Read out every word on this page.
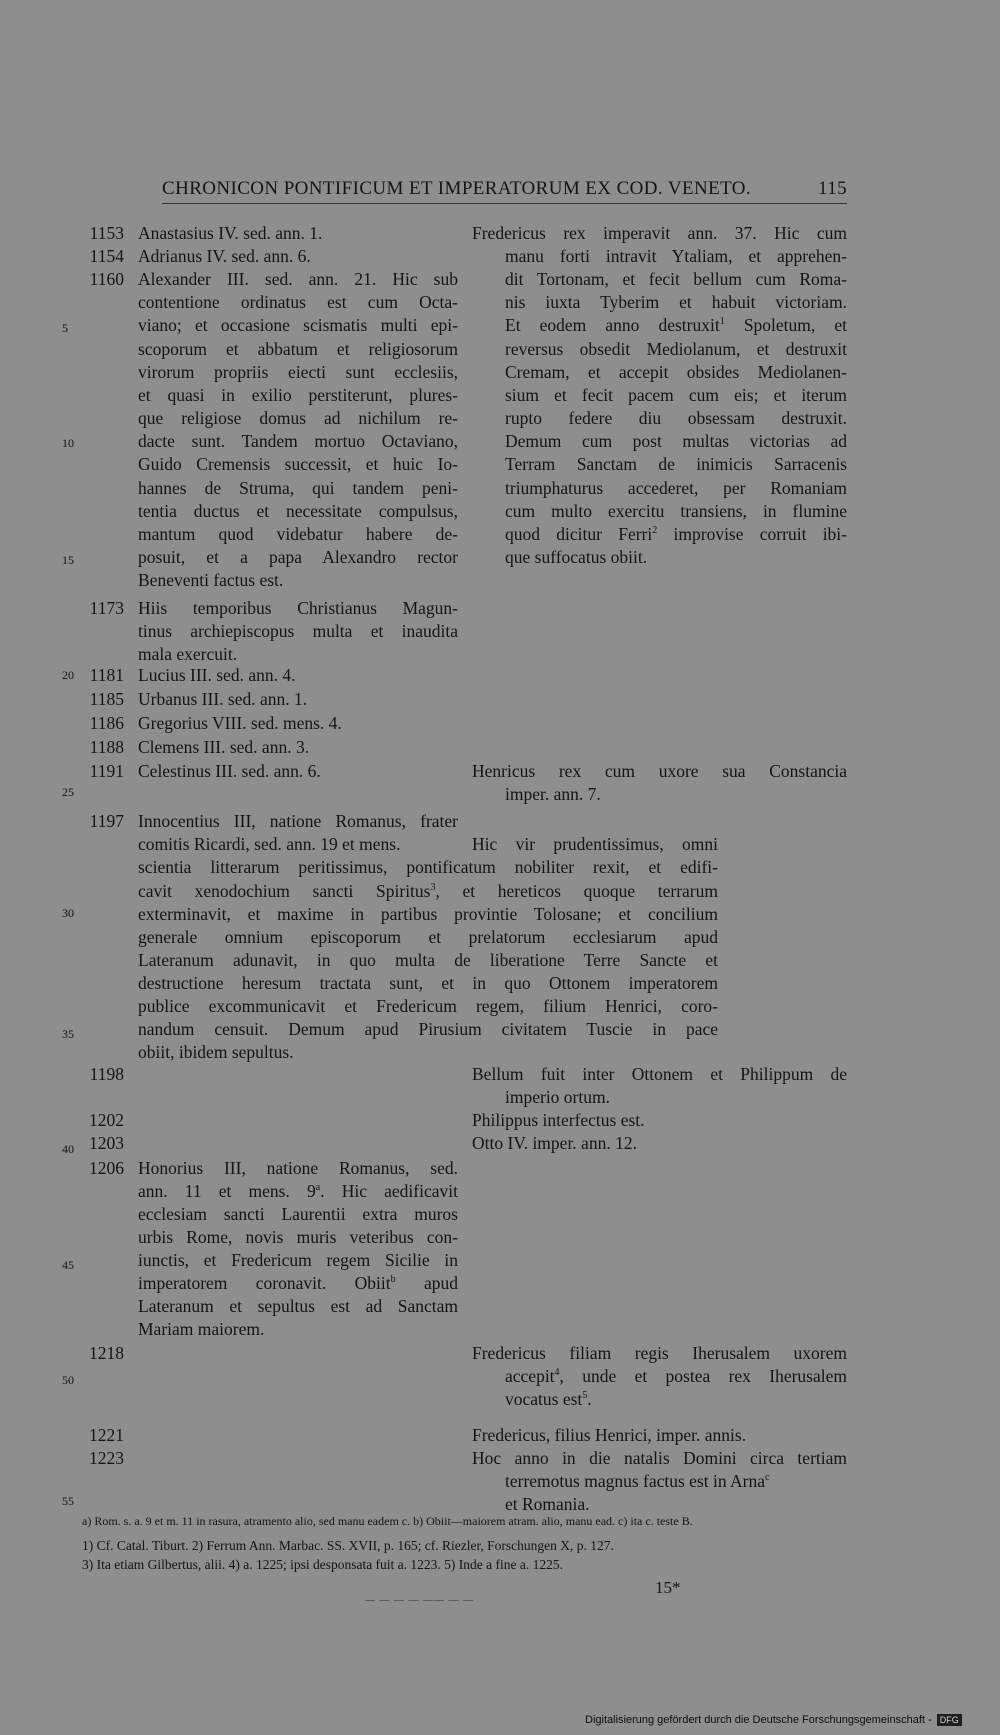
CHRONICON PONTIFICUM ET IMPERATORUM EX COD. VENETO.	115
5
10
15
20
25
30
35
40
45
50
55
1153
1154
1160
1173
1181
1185
1186
1188
1191
1197
1198
1202
1203
1206
1218
1221
1223
Anastasius IV. sed. ann. 1.
Adrianus IV. sed. ann. 6.
Alexander III. sed. ann. 21. Hic sub
contentione ordinatus est cum Octa-
viano; et occasione scismatis multi epi-
scoporum et abbatum et religiosorum
virorum propriis eiecti sunt ecclesiis,
et quasi in exilio perstiterunt, plures-
que religiose domus ad nichilum re-
dacte sunt. Tandem mortuo Octaviano,
Guido Cremensis successit, et huic Io-
hannes de Struma, qui tandem peni-
tentia ductus et necessitate compulsus,
mantum quod videbatur habere de-
posuit, et a papa Alexandro rector
Beneventi factus est.
Hiis temporibus Christianus Magun-
tinus archiepiscopus multa et inaudita
mala exercuit.
Lucius III. sed. ann. 4.
Urbanus III. sed. ann. 1.
Gregorius VIII. sed. mens. 4.
Clemens III. sed. ann. 3.
Celestinus III. sed. ann. 6.
Innocentius III, natione Romanus, frater
comitis Ricardi, sed. ann. 19 et mens.	Hic vir prudentissimus, omni
scientia litterarum peritissimus, pontificatum nobiliter rexit, et edifi-
cavit xenodochium sancti Spiritus$^3$, et hereticos quoque terrarum
exterminavit, et maxime in partibus provintie Tolosane; et concilium
generale omnium episcoporum et prelatorum ecclesiarum apud
Lateranum adunavit, in quo multa de liberatione Terre Sancte et
destructione heresum tractata sunt, et in quo Ottonem imperatorem
publice excommunicavit et Fredericum regem, filium Henrici, coro-
nandum censuit. Demum apud Pirusium civitatem Tuscie in pace
obiit, ibidem sepultus.
Honorius III, natione Romanus, sed.
ann. 11 et mens. 9$^a$. Hic aedificavit
ecclesiam sancti Laurentii extra muros
urbis Rome, novis muris veteribus con-
iunctis, et Fredericum regem Sicilie in
imperatorem coronavit. Obiit$^b$ apud
Lateranum et sepultus est ad Sanctam
Mariam maiorem.
Fredericus rex imperavit ann. 37. Hic cum
manu forti intravit Ytaliam, et apprehen-
dit Tortonam, et fecit bellum cum Roma-
nis iuxta Tyberim et habuit victoriam.
Et eodem anno destruxit$^1$ Spoletum, et
reversus obsedit Mediolanum, et destruxit
Cremam, et accepit obsides Mediolanen-
sium et fecit pacem cum eis; et iterum
rupto federe diu obsessam destruxit.
Demum cum post multas victorias ad
Terram Sanctam de inimicis Sarracenis
triumphaturus accederet, per Romaniam
cum multo exercitu transiens, in flumine
quod dicitur Ferri$^2$ improvise corruit ibi-
que suffocatus obiit.
Henricus rex cum uxore sua Constancia
imper. ann. 7.
Bellum fuit inter Ottonem et Philippum de
imperio ortum.
Philippus interfectus est.
Otto IV. imper. ann. 12.
Fredericus filiam regis Iherusalem uxorem
accepit$^4$, unde et postea rex Iherusalem
vocatus est$^5$.
Fredericus, filius Henrici, imper. annis.
Hoc anno in die natalis Domini circa tertiam
terremotus magnus factus est in Arna$^c$
et Romania.
a) Rom. s. a. 9 et m. 11 in rasura, atramento alio, sed manu eadem c. b) Obiit—maiorem atram. alio, manu ead. c) ita c. teste B.
1) Cf. Catal. Tiburt. 2) Ferrum Ann. Marbac. SS. XVII, p. 165; cf. Riezler, Forschungen X, p. 127.
3) Ita etiam Gilbertus, alii. 4) a. 1225; ipsi desponsata fuit a. 1223. 5) Inde a fine a. 1225.
15*
— — — — —— — —
Digitalisierung gefördert durch die Deutsche Forschungsgemeinschaft - DFG
